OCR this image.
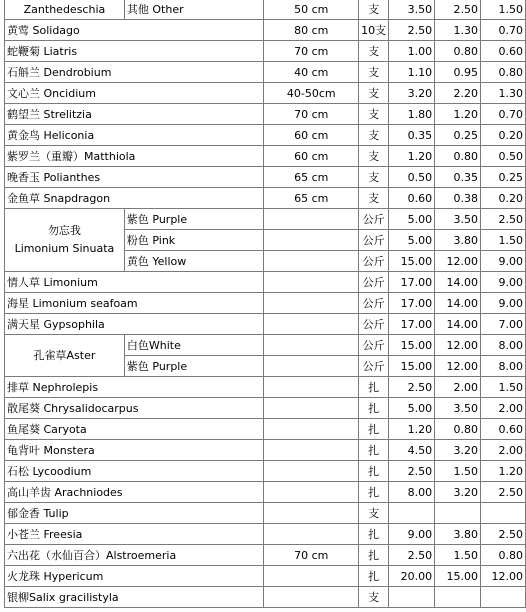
Zanthedeschia	其他 Other	50 cm	支	3.50	2.50	1.50
黄莺 Solidago		80 cm	10支	2.50	1.30	0.70
蛇鞭菊 Liatris		70 cm	支	1.00	0.80	0.60
石斛兰 Dendrobium		40 cm	支	1.10	0.95	0.80
文心兰 Oncidium		40-50cm	支	3.20	2.20	1.30
鹤望兰 Strelitzia		70 cm	支	1.80	1.20	0.70
黄金鸟 Heliconia		60 cm	支	0.35	0.25	0.20
紫罗兰（重瓣）Matthiola		60 cm	支	1.20	0.80	0.50
晚香玉 Polianthes		65 cm	支	0.50	0.35	0.25
金鱼草 Snapdragon		65 cm	支	0.60	0.38	0.20

勿忘我
Limonium Sinuata	紫色 Purple		公斤	5.00	3.50	2.50
	粉色 Pink		公斤	5.00	3.80	1.50
	黄色 Yellow		公斤	15.00	12.00	9.00
情人草 Limonium			公斤	17.00	14.00	9.00
海星 Limonium seafoam			公斤	17.00	14.00	9.00
满天星 Gypsophila			公斤	17.00	14.00	7.00

孔雀草Aster	白色White		公斤	15.00	12.00	8.00
	紫色 Purple		公斤	15.00	12.00	8.00
排草 Nephrolepis			扎	2.50	2.00	1.50
散尾葵 Chrysalidocarpus			扎	5.00	3.50	2.00
鱼尾葵 Caryota			扎	1.20	0.80	0.60
龟背叶 Monstera			扎	4.50	3.20	2.00
石松 Lycoodium			扎	2.50	1.50	1.20
高山羊齿 Arachniodes			扎	8.00	3.20	2.50
郁金香 Tulip			支			
小苍兰 Freesia			扎	9.00	3.80	2.50
六出花（水仙百合）Alstroemeria		70 cm	扎	2.50	1.50	0.80
火龙珠 Hypericum			扎	20.00	15.00	12.00
银柳Salix gracilistyla			支			
